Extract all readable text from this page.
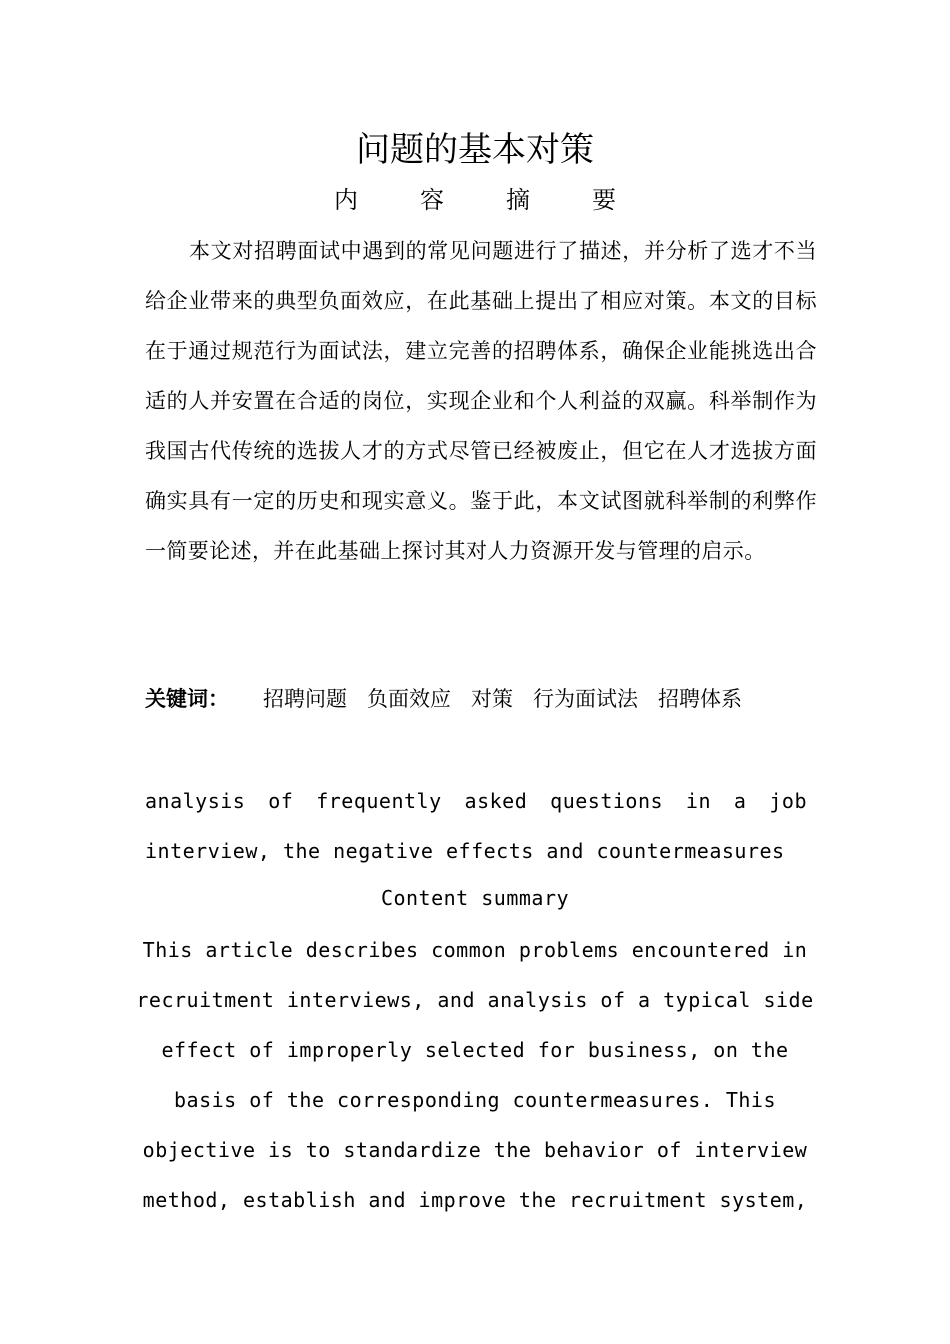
问题的基本对策
内容摘要

本文对招聘面试中遇到的常见问题进行了描述，并分析了选才不当给企业带来的典型负面效应，在此基础上提出了相应对策。本文的目标在于通过规范行为面试法，建立完善的招聘体系，确保企业能挑选出合适的人并安置在合适的岗位，实现企业和个人利益的双赢。科举制作为我国古代传统的选拔人才的方式尽管已经被废止，但它在人才选拔方面确实具有一定的历史和现实意义。鉴于此，本文试图就科举制的利弊作一简要论述，并在此基础上探讨其对人力资源开发与管理的启示。

关键词： 招聘问题 负面效应 对策 行为面试法 招聘体系

analysis of frequently asked questions in a job interview, the negative effects and countermeasures

Content summary

This article describes common problems encountered in recruitment interviews, and analysis of a typical side effect of improperly selected for business, on the basis of the corresponding countermeasures. This objective is to standardize the behavior of interview method, establish and improve the recruitment system,
